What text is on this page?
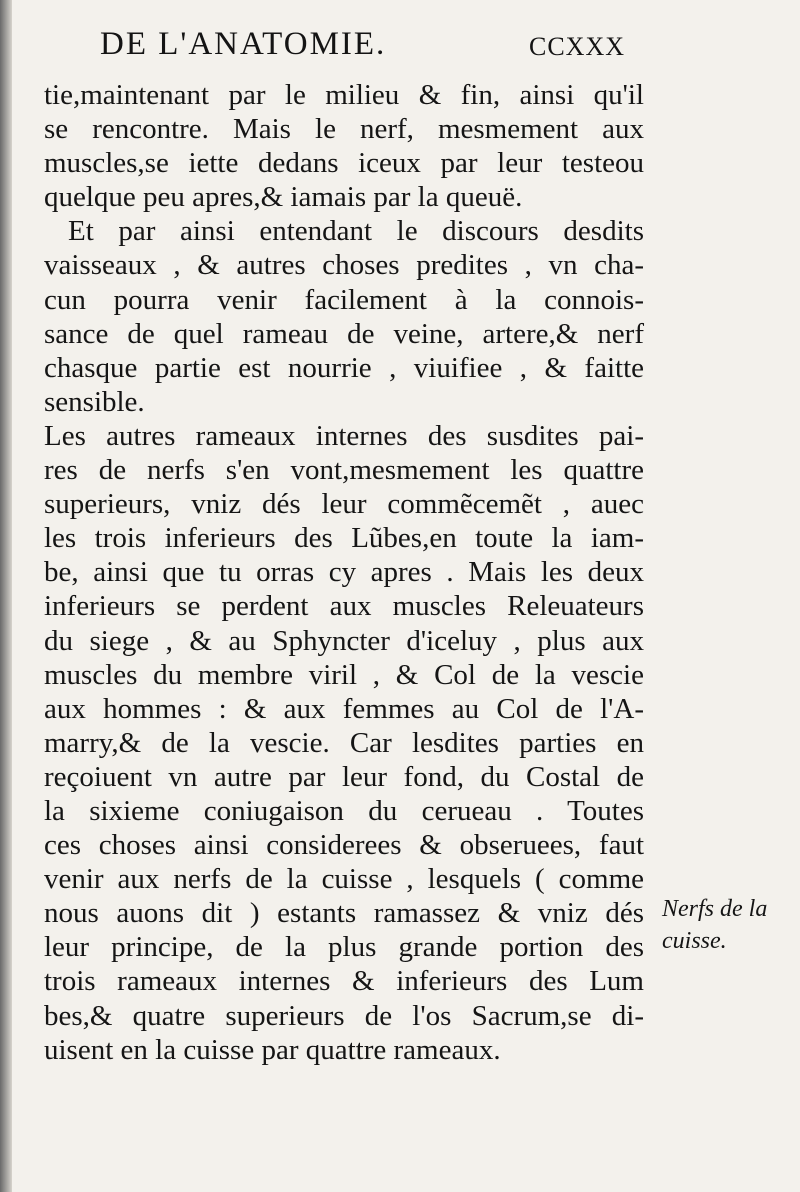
DE L'ANATOMIE.	CCXXX
tie,maintenant par le milieu & fin, ainsi qu'il
se rencontre. Mais le nerf, mesmement aux
muscles,se iette dedans iceux par leur testeou
quelque peu apres,& iamais par la queuë.
Et par ainsi entendant le discours desdits
vaisseaux , & autres choses predites , vn cha-
cun pourra venir facilement à la connois-
sance de quel rameau de veine, artere,& nerf
chasque partie est nourrie , viuifiee , & faitte
sensible.
Les autres rameaux internes des susdites pai-
res de nerfs s'en vont,mesmement les quattre
superieurs, vniz dés leur commẽcemẽt , auec
les trois inferieurs des Lũbes,en toute la iam-
be, ainsi que tu orras cy apres . Mais les deux
inferieurs se perdent aux muscles Releuateurs
du siege , & au Sphyncter d'iceluy , plus aux
muscles du membre viril , & Col de la vescie
aux hommes : & aux femmes au Col de l'A-
marry,& de la vescie. Car lesdites parties en
reçoiuent vn autre par leur fond, du Costal de
la sixieme coniugaison du cerueau . Toutes
ces choses ainsi considerees & obseruees, faut
venir aux nerfs de la cuisse , lesquels ( comme
nous auons dit ) estants ramassez & vniz dés
leur principe, de la plus grande portion des
trois rameaux internes & inferieurs des Lum
bes,& quatre superieurs de l'os Sacrum,se di-
uisent en la cuisse par quattre rameaux.
Nerfs de la
cuisse.
